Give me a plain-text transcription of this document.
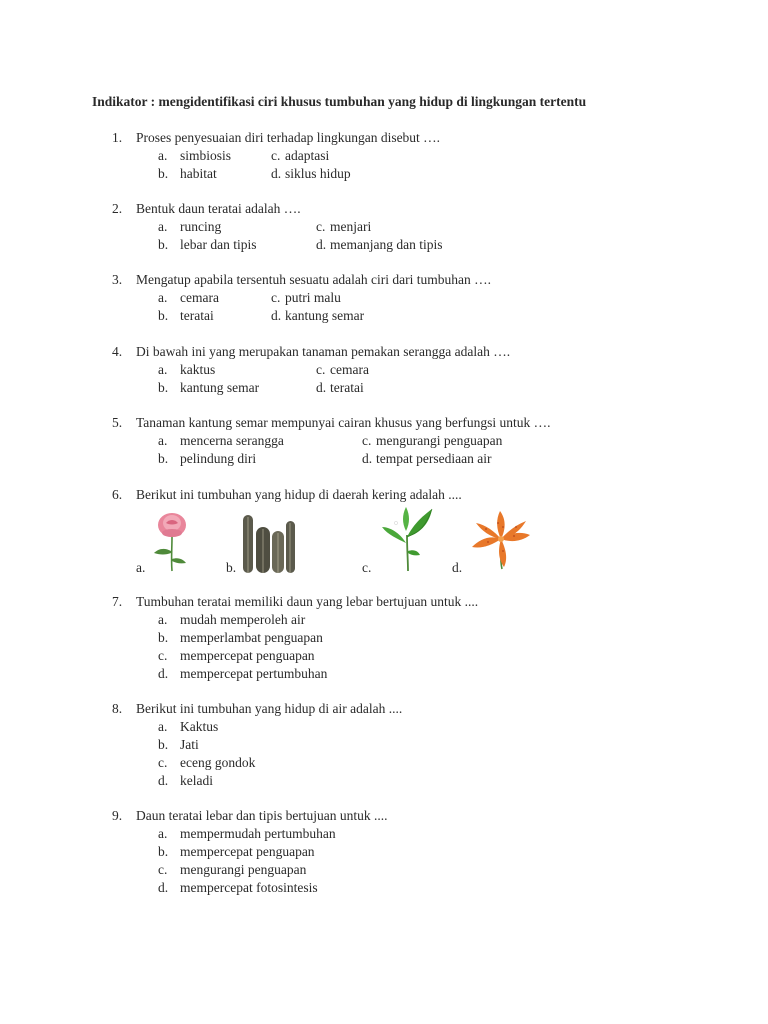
Indikator : mengidentifikasi ciri khusus tumbuhan yang hidup di lingkungan tertentu
1. Proses penyesuaian diri terhadap lingkungan disebut ….
a. simbiosis	c. adaptasi
b. habitat	d. siklus hidup
2. Bentuk daun teratai adalah ….
a. runcing	c. menjari
b. lebar dan tipis	d. memanjang dan tipis
3. Mengatup apabila tersentuh sesuatu adalah ciri dari tumbuhan ….
a. cemara	c. putri malu
b. teratai	d. kantung semar
4. Di bawah ini yang merupakan tanaman pemakan serangga adalah ….
a. kaktus	c. cemara
b. kantung semar	d. teratai
5. Tanaman kantung semar mempunyai cairan khusus yang berfungsi untuk ….
a. mencerna serangga	c. mengurangi penguapan
b. pelindung diri	d. tempat persediaan air
6. Berikut ini tumbuhan yang hidup di daerah kering adalah ....
a.	b.	c.	d.
7. Tumbuhan teratai memiliki daun yang lebar bertujuan untuk ....
a. mudah memperoleh air
b. memperlambat penguapan
c. mempercepat penguapan
d. mempercepat pertumbuhan
8. Berikut ini tumbuhan yang hidup di air adalah ....
a. Kaktus
b. Jati
c. eceng gondok
d. keladi
9. Daun teratai lebar dan tipis bertujuan untuk ....
a. mempermudah pertumbuhan
b. mempercepat penguapan
c. mengurangi penguapan
d. mempercepat fotosintesis
